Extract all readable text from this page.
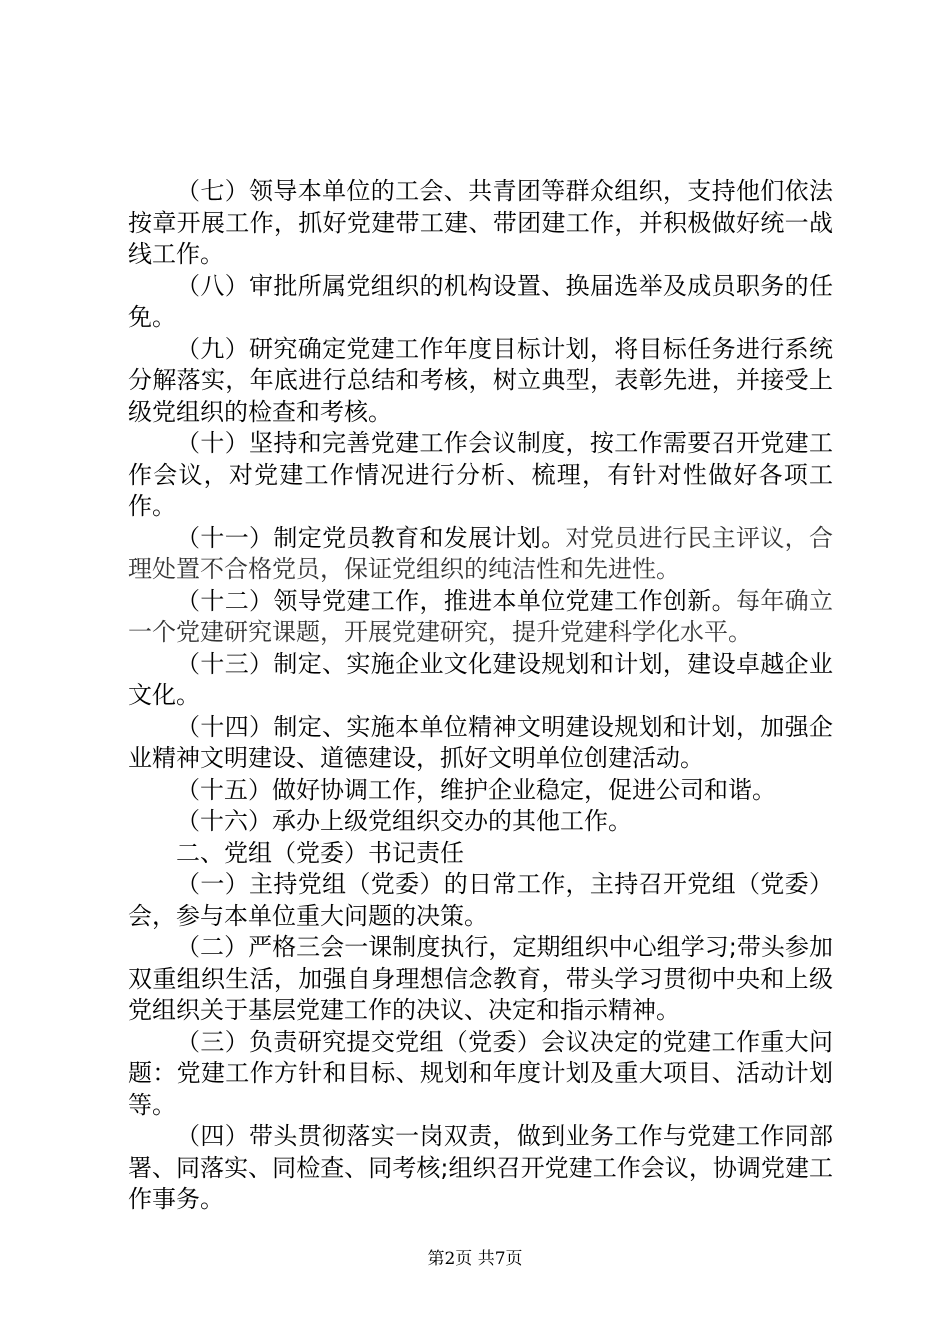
（七）领导本单位的工会、共青团等群众组织，支持他们依法按章开展工作，抓好党建带工建、带团建工作，并积极做好统一战线工作。

（八）审批所属党组织的机构设置、换届选举及成员职务的任免。

（九）研究确定党建工作年度目标计划，将目标任务进行系统分解落实，年底进行总结和考核，树立典型，表彰先进，并接受上级党组织的检查和考核。

（十）坚持和完善党建工作会议制度，按工作需要召开党建工作会议，对党建工作情况进行分析、梳理，有针对性做好各项工作。

（十一）制定党员教育和发展计划。对党员进行民主评议，合理处置不合格党员，保证党组织的纯洁性和先进性。

（十二）领导党建工作，推进本单位党建工作创新。每年确立一个党建研究课题，开展党建研究，提升党建科学化水平。

（十三）制定、实施企业文化建设规划和计划，建设卓越企业文化。

（十四）制定、实施本单位精神文明建设规划和计划，加强企业精神文明建设、道德建设，抓好文明单位创建活动。

（十五）做好协调工作，维护企业稳定，促进公司和谐。

（十六）承办上级党组织交办的其他工作。

二、党组（党委）书记责任

（一）主持党组（党委）的日常工作，主持召开党组（党委）会，参与本单位重大问题的决策。

（二）严格三会一课制度执行，定期组织中心组学习;带头参加双重组织生活，加强自身理想信念教育，带头学习贯彻中央和上级党组织关于基层党建工作的决议、决定和指示精神。

（三）负责研究提交党组（党委）会议决定的党建工作重大问题：党建工作方针和目标、规划和年度计划及重大项目、活动计划等。

（四）带头贯彻落实一岗双责，做到业务工作与党建工作同部署、同落实、同检查、同考核;组织召开党建工作会议，协调党建工作事务。

第2页 共7页
